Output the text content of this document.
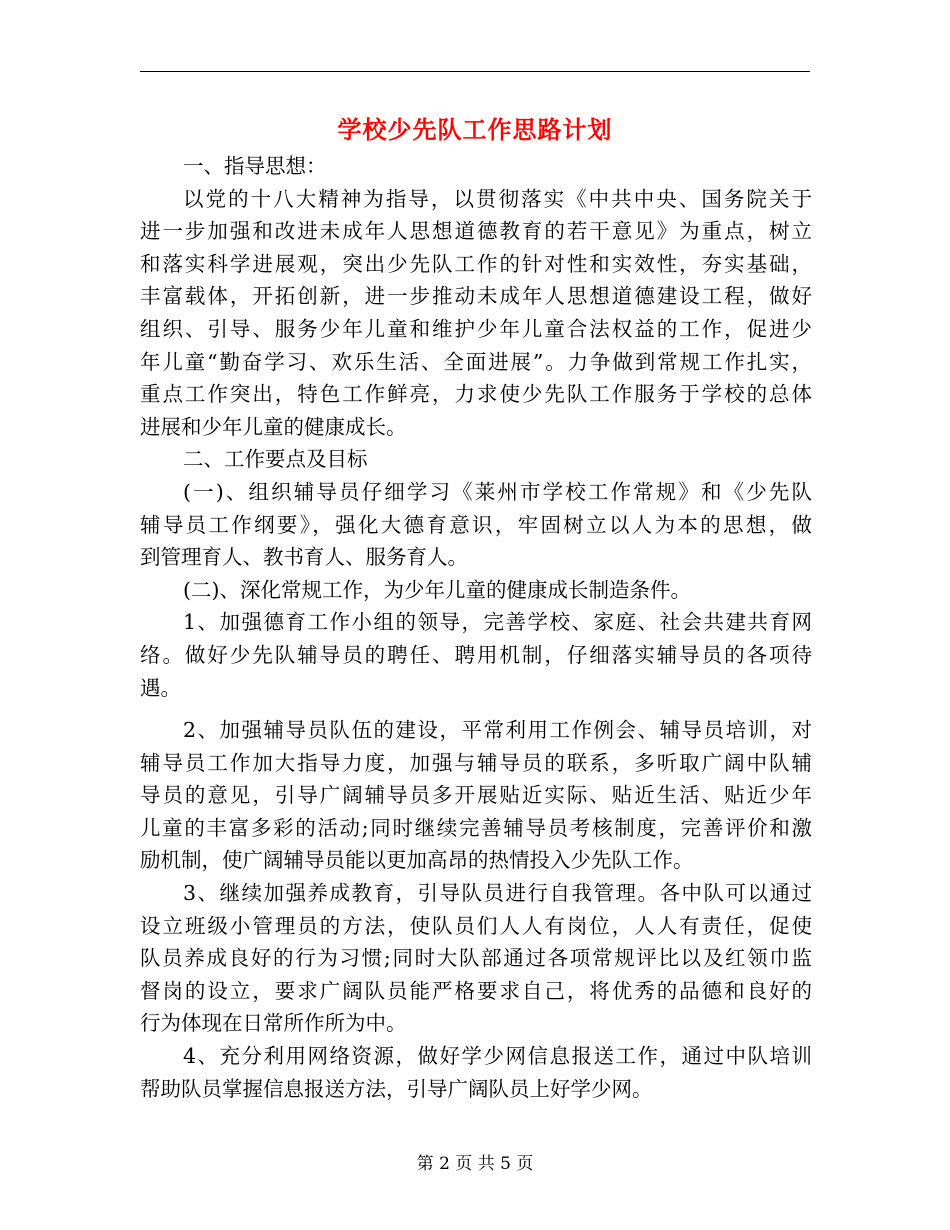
学校少先队工作思路计划
一、指导思想：
以党的十八大精神为指导，以贯彻落实《中共中央、国务院关于
进一步加强和改进未成年人思想道德教育的若干意见》为重点，树立
和落实科学进展观，突出少先队工作的针对性和实效性，夯实基础，
丰富载体，开拓创新，进一步推动未成年人思想道德建设工程，做好
组织、引导、服务少年儿童和维护少年儿童合法权益的工作，促进少
年儿童“勤奋学习、欢乐生活、全面进展”。力争做到常规工作扎实，
重点工作突出，特色工作鲜亮，力求使少先队工作服务于学校的总体
进展和少年儿童的健康成长。
二、工作要点及目标
(一)、组织辅导员仔细学习《莱州市学校工作常规》和《少先队
辅导员工作纲要》，强化大德育意识，牢固树立以人为本的思想，做
到管理育人、教书育人、服务育人。
(二)、深化常规工作，为少年儿童的健康成长制造条件。
1、加强德育工作小组的领导，完善学校、家庭、社会共建共育网
络。做好少先队辅导员的聘任、聘用机制，仔细落实辅导员的各项待
遇。
2、加强辅导员队伍的建设，平常利用工作例会、辅导员培训，对
辅导员工作加大指导力度，加强与辅导员的联系，多听取广阔中队辅
导员的意见，引导广阔辅导员多开展贴近实际、贴近生活、贴近少年
儿童的丰富多彩的活动;同时继续完善辅导员考核制度，完善评价和激
励机制，使广阔辅导员能以更加高昂的热情投入少先队工作。
3、继续加强养成教育，引导队员进行自我管理。各中队可以通过
设立班级小管理员的方法，使队员们人人有岗位，人人有责任，促使
队员养成良好的行为习惯;同时大队部通过各项常规评比以及红领巾监
督岗的设立，要求广阔队员能严格要求自己，将优秀的品德和良好的
行为体现在日常所作所为中。
4、充分利用网络资源，做好学少网信息报送工作，通过中队培训
帮助队员掌握信息报送方法，引导广阔队员上好学少网。
第 2 页 共 5 页
